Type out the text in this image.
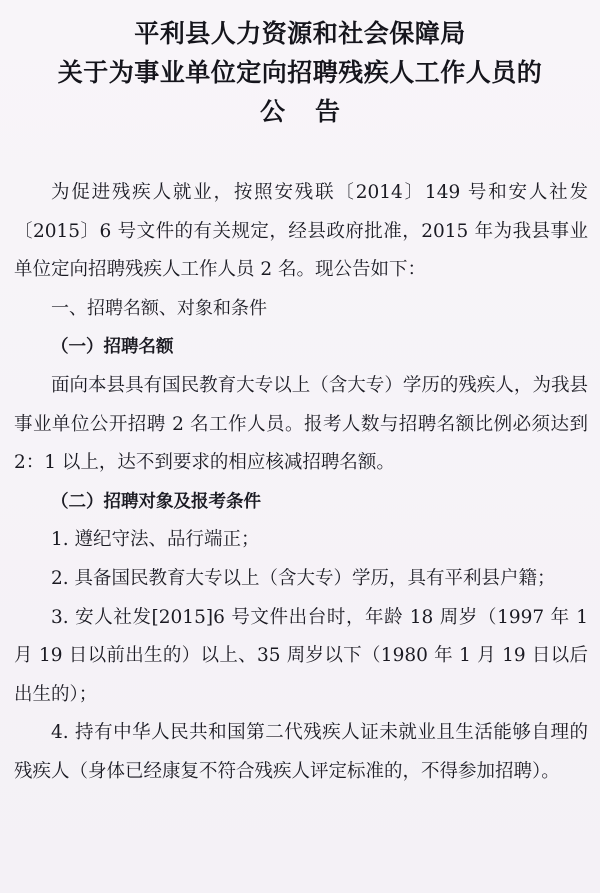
平利县人力资源和社会保障局
关于为事业单位定向招聘残疾人工作人员的
公告

为促进残疾人就业，按照安残联〔2014〕149 号和安人社发〔2015〕6 号文件的有关规定，经县政府批准，2015 年为我县事业单位定向招聘残疾人工作人员 2 名。现公告如下：

一、招聘名额、对象和条件

（一）招聘名额

面向本县具有国民教育大专以上（含大专）学历的残疾人，为我县事业单位公开招聘 2 名工作人员。报考人数与招聘名额比例必须达到 2：1 以上，达不到要求的相应核减招聘名额。

（二）招聘对象及报考条件

1. 遵纪守法、品行端正；

2. 具备国民教育大专以上（含大专）学历，具有平利县户籍；

3. 安人社发[2015]6 号文件出台时，年龄 18 周岁（1997 年 1 月 19 日以前出生的）以上、35 周岁以下（1980 年 1 月 19 日以后出生的）；

4. 持有中华人民共和国第二代残疾人证未就业且生活能够自理的残疾人（身体已经康复不符合残疾人评定标准的，不得参加招聘）。
